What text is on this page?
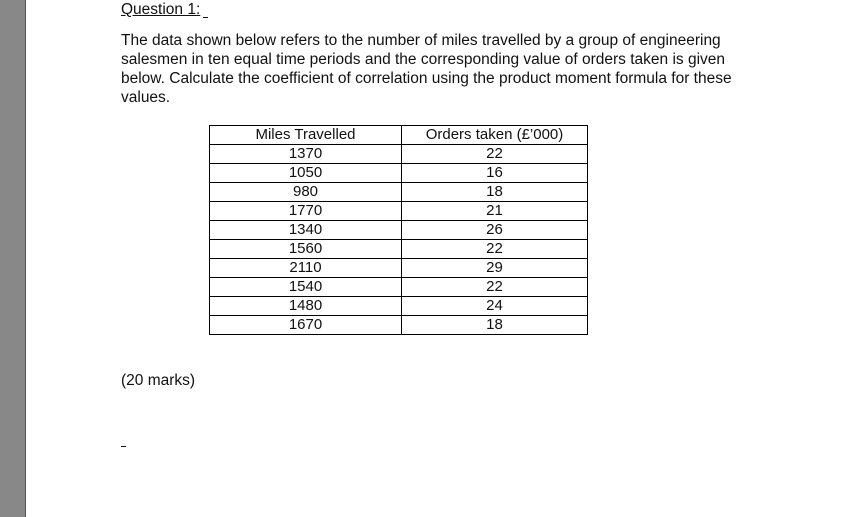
Question 1:

The data shown below refers to the number of miles travelled by a group of engineering salesmen in ten equal time periods and the corresponding value of orders taken is given below. Calculate the coefficient of correlation using the product moment formula for these values.

Miles Travelled	Orders taken (£’000)
1370	22
1050	16
980	18
1770	21
1340	26
1560	22
2110	29
1540	22
1480	24
1670	18

(20 marks)
